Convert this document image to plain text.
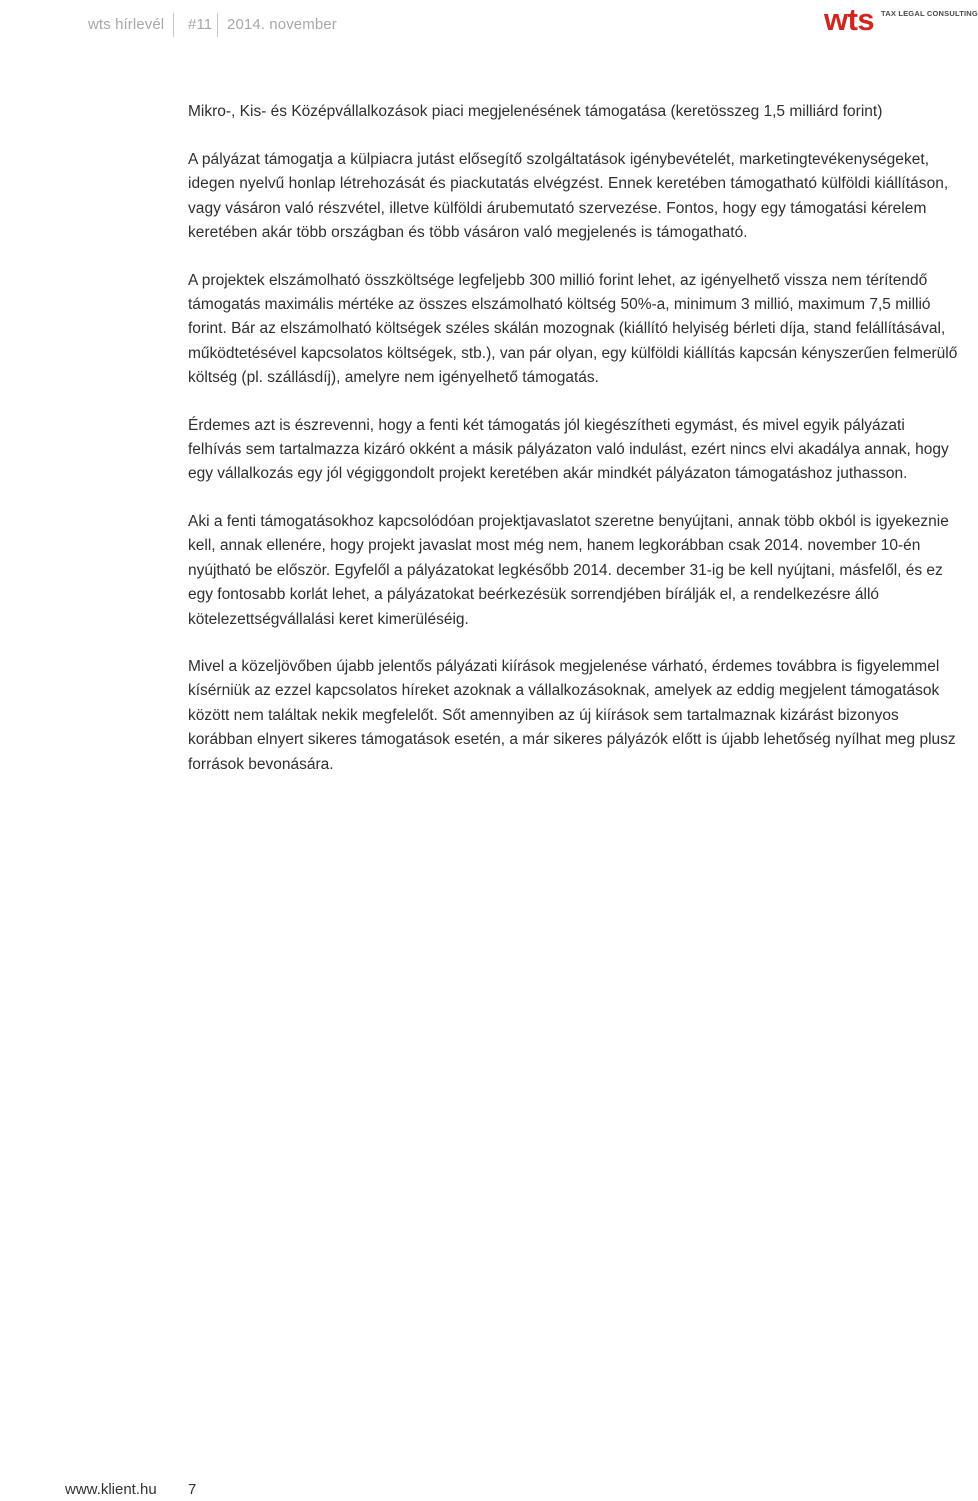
wts hírlevél #11 2014. november	wts TAX LEGAL CONSULTING
Mikro-, Kis- és Középvállalkozások piaci megjelenésének támogatása (keretösszeg 1,5 milliárd forint)

A pályázat támogatja a külpiacra jutást elősegítő szolgáltatások igénybevételét, marketingtevékenységeket, idegen nyelvű honlap létrehozását és piackutatás elvégzést. Ennek keretében támogatható külföldi kiállításon, vagy vásáron való részvétel, illetve külföldi árubemutató szervezése. Fontos, hogy egy támogatási kérelem keretében akár több országban és több vásáron való megjelenés is támogatható.

A projektek elszámolható összköltsége legfeljebb 300 millió forint lehet, az igényelhető vissza nem térítendő támogatás maximális mértéke az összes elszámolható költség 50%-a, minimum 3 millió, maximum 7,5 millió forint. Bár az elszámolható költségek széles skálán mozognak (kiállító helyiség bérleti díja, stand felállításával, működtetésével kapcsolatos költségek, stb.), van pár olyan, egy külföldi kiállítás kapcsán kényszerűen felmerülő költség (pl. szállásdíj), amelyre nem igényelhető támogatás.

Érdemes azt is észrevenni, hogy a fenti két támogatás jól kiegészítheti egymást, és mivel egyik pályázati felhívás sem tartalmazza kizáró okként a másik pályázaton való indulást, ezért nincs elvi akadálya annak, hogy egy vállalkozás egy jól végiggondolt projekt keretében akár mindkét pályázaton támogatáshoz juthasson.

Aki a fenti támogatásokhoz kapcsolódóan projektjavaslatot szeretne benyújtani, annak több okból is igyekeznie kell, annak ellenére, hogy projekt javaslat most még nem, hanem legkorábban csak 2014. november 10-én nyújtható be először. Egyfelől a pályázatokat legkésőbb 2014. december 31-ig be kell nyújtani, másfelől, és ez egy fontosabb korlát lehet, a pályázatokat beérkezésük sorrendjében bírálják el, a rendelkezésre álló kötelezettségvállalási keret kimerüléséig.

Mivel a közeljövőben újabb jelentős pályázati kiírások megjelenése várható, érdemes továbbra is figyelemmel kísérniük az ezzel kapcsolatos híreket azoknak a vállalkozásoknak, amelyek az eddig megjelent támogatások között nem találtak nekik megfelelőt. Sőt amennyiben az új kiírások sem tartalmaznak kizárást bizonyos korábban elnyert sikeres támogatások esetén, a már sikeres pályázók előtt is újabb lehetőség nyílhat meg plusz források bevonására.

www.klient.hu 7
